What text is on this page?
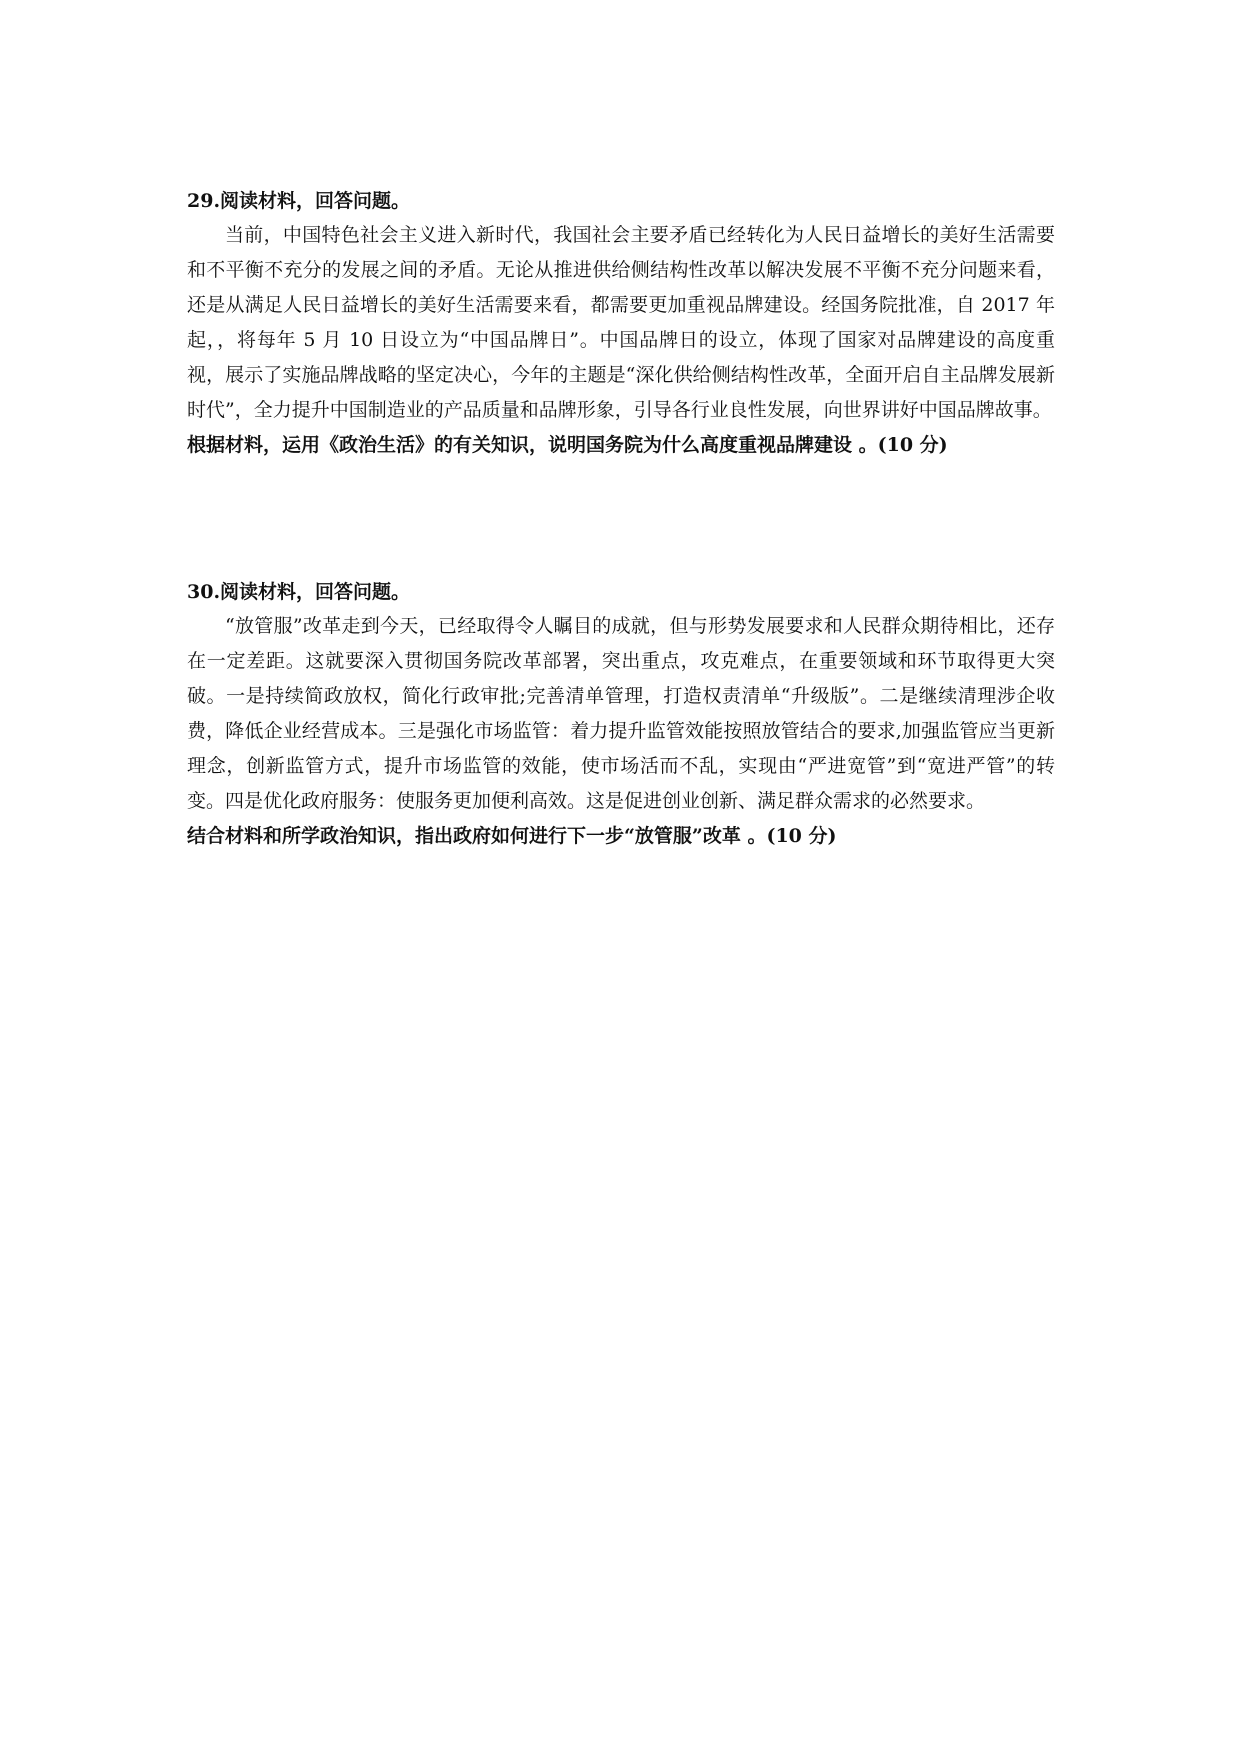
29.阅读材料，回答问题。

当前，中国特色社会主义进入新时代，我国社会主要矛盾已经转化为人民日益增长的美好生活需要和不平衡不充分的发展之间的矛盾。无论从推进供给侧结构性改革以解决发展不平衡不充分问题来看，还是从满足人民日益增长的美好生活需要来看，都需要更加重视品牌建设。经国务院批准，自 2017 年起，，将每年 5 月 10 日设立为“中国品牌日”。中国品牌日的设立，体现了国家对品牌建设的高度重视，展示了实施品牌战略的坚定决心，今年的主题是“深化供给侧结构性改革，全面开启自主品牌发展新时代”，全力提升中国制造业的产品质量和品牌形象，引导各行业良性发展，向世界讲好中国品牌故事。

根据材料，运用《政治生活》的有关知识，说明国务院为什么高度重视品牌建设 。(10 分)

30.阅读材料，回答问题。

“放管服”改革走到今天，已经取得令人瞩目的成就，但与形势发展要求和人民群众期待相比，还存在一定差距。这就要深入贯彻国务院改革部署，突出重点，攻克难点，在重要领域和环节取得更大突破。一是持续简政放权，简化行政审批;完善清单管理，打造权责清单“升级版”。二是继续清理涉企收费，降低企业经营成本。三是强化市场监管：着力提升监管效能按照放管结合的要求,加强监管应当更新理念，创新监管方式，提升市场监管的效能，使市场活而不乱，实现由“严进宽管”到“宽进严管”的转变。四是优化政府服务：使服务更加便利高效。这是促进创业创新、满足群众需求的必然要求。

结合材料和所学政治知识，指出政府如何进行下一步“放管服”改革 。(10 分)
